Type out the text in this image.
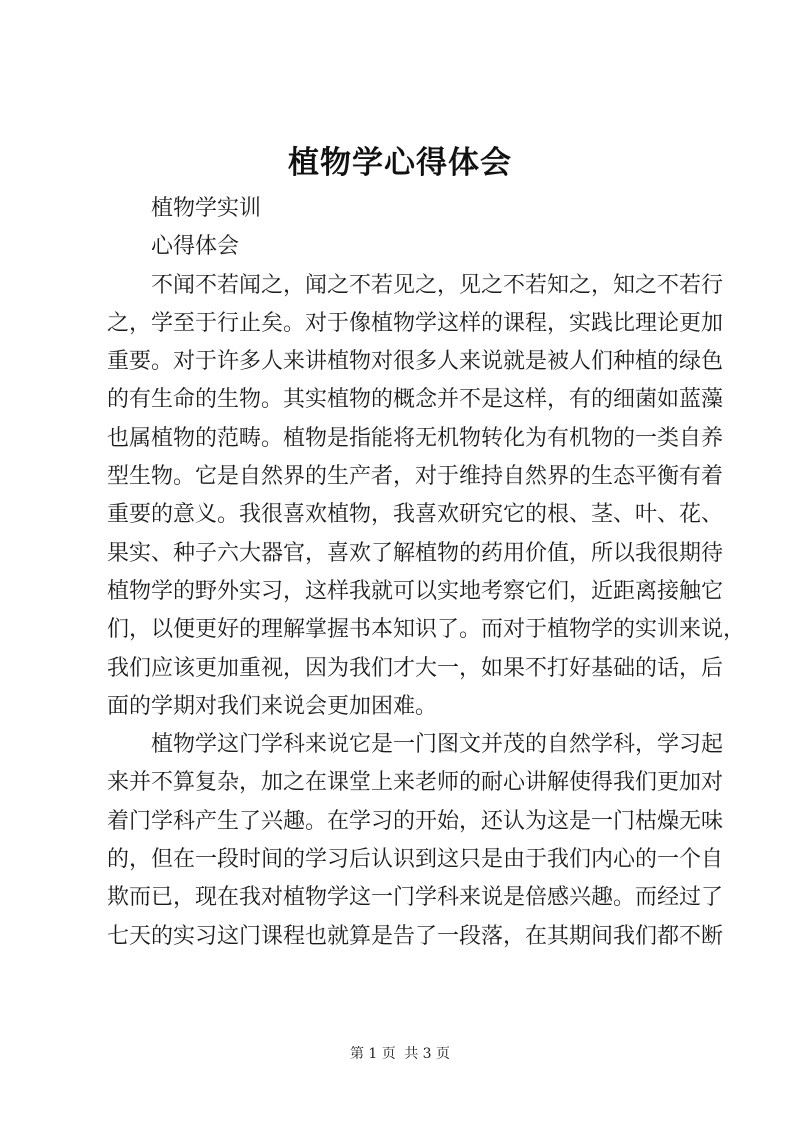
植物学心得体会
植物学实训
心得体会
不闻不若闻之，闻之不若见之，见之不若知之，知之不若行
之，学至于行止矣。对于像植物学这样的课程，实践比理论更加
重要。对于许多人来讲植物对很多人来说就是被人们种植的绿色
的有生命的生物。其实植物的概念并不是这样，有的细菌如蓝藻
也属植物的范畴。植物是指能将无机物转化为有机物的一类自养
型生物。它是自然界的生产者，对于维持自然界的生态平衡有着
重要的意义。我很喜欢植物，我喜欢研究它的根、茎、叶、花、
果实、种子六大器官，喜欢了解植物的药用价值，所以我很期待
植物学的野外实习，这样我就可以实地考察它们，近距离接触它
们，以便更好的理解掌握书本知识了。而对于植物学的实训来说，
我们应该更加重视，因为我们才大一，如果不打好基础的话，后
面的学期对我们来说会更加困难。
植物学这门学科来说它是一门图文并茂的自然学科，学习起
来并不算复杂，加之在课堂上来老师的耐心讲解使得我们更加对
着门学科产生了兴趣。在学习的开始，还认为这是一门枯燥无味
的，但在一段时间的学习后认识到这只是由于我们内心的一个自
欺而已，现在我对植物学这一门学科来说是倍感兴趣。而经过了
七天的实习这门课程也就算是告了一段落，在其期间我们都不断
第 1 页 共 3 页
